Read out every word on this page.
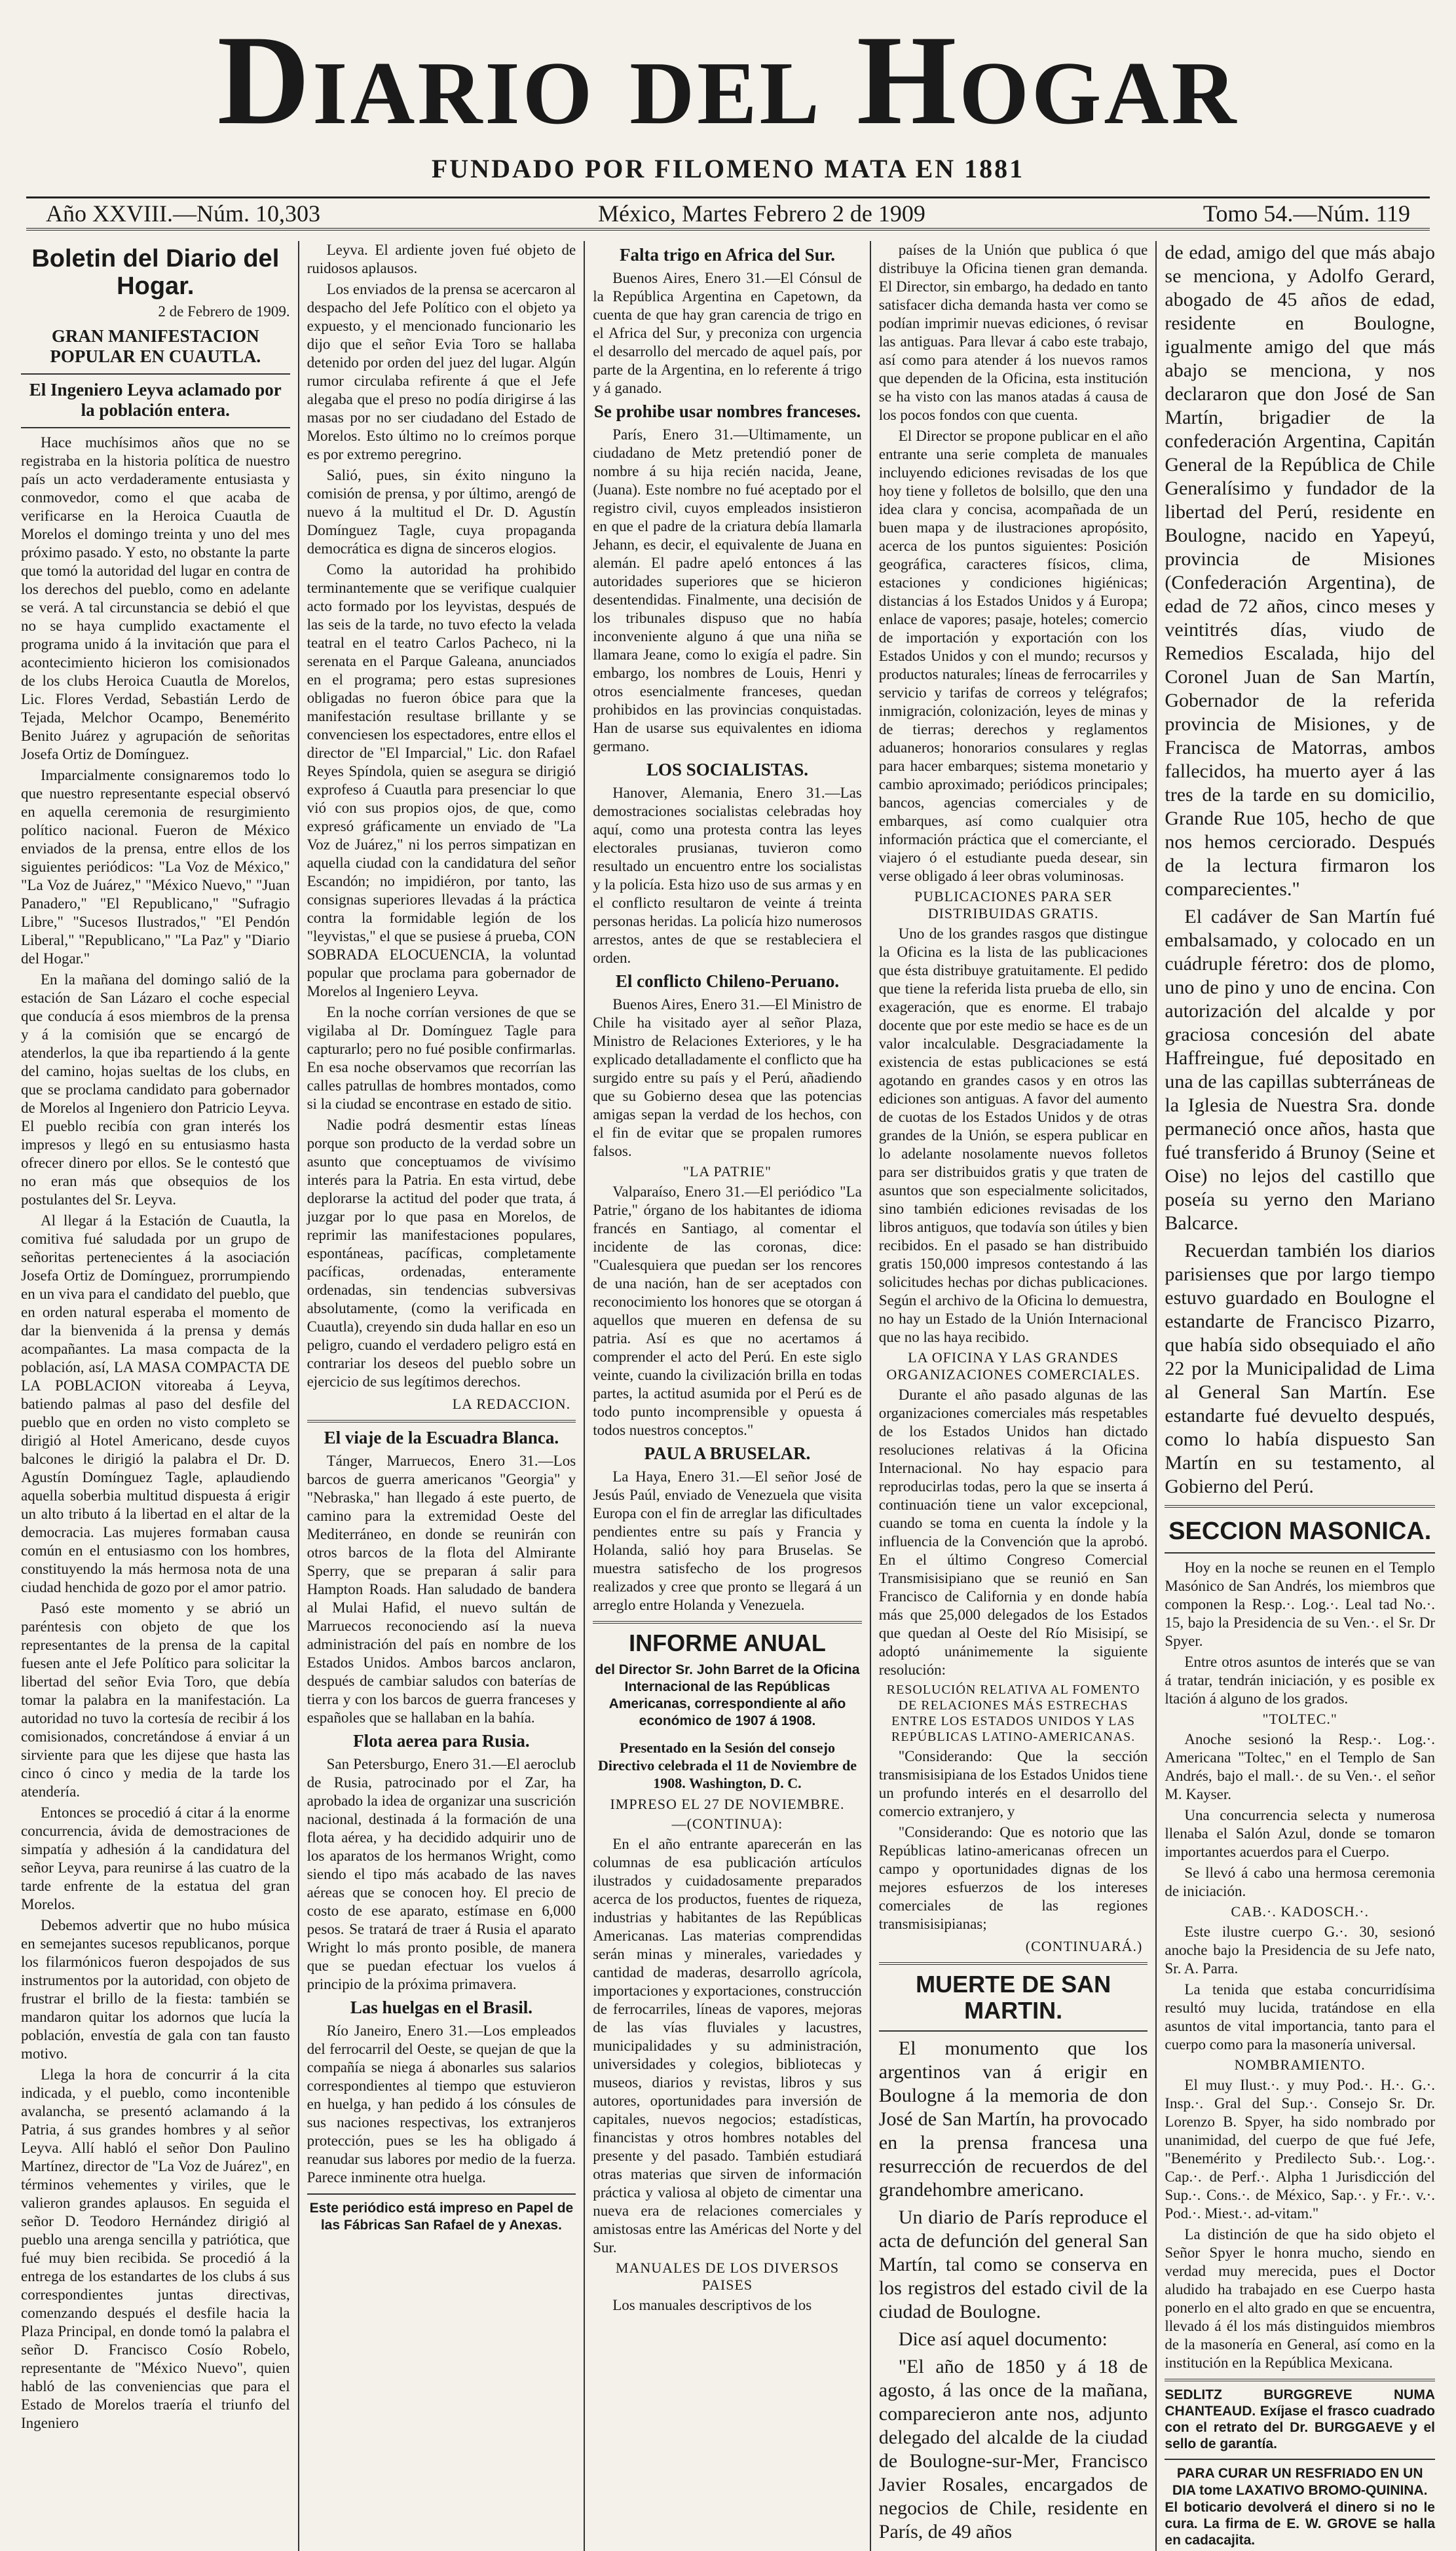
Diario del Hogar
FUNDADO POR FILOMENO MATA EN 1881
Año XXVIII.—Núm. 10,303	México, Martes Febrero 2 de 1909	Tomo 54.—Núm. 119
Boletin del Diario del Hogar.
2 de Febrero de 1909.
GRAN MANIFESTACION POPULAR EN CUAUTLA.
El Ingeniero Leyva aclamado por la población entera.

Hace muchísimos años que no se registraba en la historia política de nuestro país un acto verdaderamente entusiasta y conmovedor, como el que acaba de verificarse en la Heroica Cuautla de Morelos el domingo treinta y uno del mes próximo pasado. Y esto, no obstante la parte que tomó la autoridad del lugar en contra de los derechos del pueblo, como en adelante se verá. A tal circunstancia se debió el que no se haya cumplido exactamente el programa unido á la invitación que para el acontecimiento hicieron los comisionados de los clubs Heroica Cuautla de Morelos, Lic. Flores Verdad, Sebastián Lerdo de Tejada, Melchor Ocampo, Benemérito Benito Juárez y agrupación de señoritas Josefa Ortiz de Domínguez.

Imparcialmente consignaremos todo lo que nuestro representante especial observó en aquella ceremonia de resurgimiento político nacional. Fueron de México enviados de la prensa, entre ellos de los siguientes periódicos: "La Voz de México," "La Voz de Juárez," "México Nuevo," "Juan Panadero," "El Republicano," "Sufragio Libre," "Sucesos Ilustrados," "El Pendón Liberal," "Republicano," "La Paz" y "Diario del Hogar."

En la mañana del domingo salió de la estación de San Lázaro el coche especial que conducía á esos miembros de la prensa y á la comisión que se encargó de atenderlos, la que iba repartiendo á la gente del camino, hojas sueltas de los clubs, en que se proclama candidato para gobernador de Morelos al Ingeniero don Patricio Leyva. El pueblo recibía con gran interés los impresos y llegó en su entusiasmo hasta ofrecer dinero por ellos. Se le contestó que no eran más que obsequios de los postulantes del Sr. Leyva.

Al llegar á la Estación de Cuautla, la comitiva fué saludada por un grupo de señoritas pertenecientes á la asociación Josefa Ortiz de Domínguez, prorrumpiendo en un viva para el candidato del pueblo, que en orden natural esperaba el momento de dar la bienvenida á la prensa y demás acompañantes. La masa compacta de la población, así, LA MASA COMPACTA DE LA POBLACION vitoreaba á Leyva, batiendo palmas al paso del desfile del pueblo que en orden no visto completo se dirigió al Hotel Americano, desde cuyos balcones le dirigió la palabra el Dr. D. Agustín Domínguez Tagle, aplaudiendo aquella soberbia multitud dispuesta á erigir un alto tributo á la libertad en el altar de la democracia. Las mujeres formaban causa común en el entusiasmo con los hombres, constituyendo la más hermosa nota de una ciudad henchida de gozo por el amor patrio.

Pasó este momento y se abrió un paréntesis con objeto de que los representantes de la prensa de la capital fuesen ante el Jefe Político para solicitar la libertad del señor Evia Toro, que debía tomar la palabra en la manifestación. La autoridad no tuvo la cortesía de recibir á los comisionados, concretándose á enviar á un sirviente para que les dijese que hasta las cinco ó cinco y media de la tarde los atendería.

Entonces se procedió á citar á la enorme concurrencia, ávida de demostraciones de simpatía y adhesión á la candidatura del señor Leyva, para reunirse á las cuatro de la tarde enfrente de la estatua del gran Morelos.

Debemos advertir que no hubo música en semejantes sucesos republicanos, porque los filarmónicos fueron despojados de sus instrumentos por la autoridad, con objeto de frustrar el brillo de la fiesta: también se mandaron quitar los adornos que lucía la población, envestía de gala con tan fausto motivo.

Llega la hora de concurrir á la cita indicada, y el pueblo, como incontenible avalancha, se presentó aclamando á la Patria, á sus grandes hombres y al señor Leyva. Allí habló el señor Don Paulino Martínez, director de "La Voz de Juárez", en términos vehementes y viriles, que le valieron grandes aplausos. En seguida el señor D. Teodoro Hernández dirigió al pueblo una arenga sencilla y patriótica, que fué muy bien recibida. Se procedió á la entrega de los estandartes de los clubs á sus correspondientes juntas directivas, comenzando después el desfile hacia la Plaza Principal, en donde tomó la palabra el señor D. Francisco Cosío Robelo, representante de "México Nuevo", quien habló de las conveniencias que para el Estado de Morelos traería el triunfo del Ingeniero

Leyva. El ardiente joven fué objeto de ruidosos aplausos.

Los enviados de la prensa se acercaron al despacho del Jefe Político con el objeto ya expuesto, y el mencionado funcionario les dijo que el señor Evia Toro se hallaba detenido por orden del juez del lugar. Algún rumor circulaba refirente á que el Jefe alegaba que el preso no podía dirigirse á las masas por no ser ciudadano del Estado de Morelos. Esto último no lo creímos porque es por extremo peregrino.

Salió, pues, sin éxito ninguno la comisión de prensa, y por último, arengó de nuevo á la multitud el Dr. D. Agustín Domínguez Tagle, cuya propaganda democrática es digna de sinceros elogios.

Como la autoridad ha prohibido terminantemente que se verifique cualquier acto formado por los leyvistas, después de las seis de la tarde, no tuvo efecto la velada teatral en el teatro Carlos Pacheco, ni la serenata en el Parque Galeana, anunciados en el programa; pero estas supresiones obligadas no fueron óbice para que la manifestación resultase brillante y se convenciesen los espectadores, entre ellos el director de "El Imparcial," Lic. don Rafael Reyes Spíndola, quien se asegura se dirigió exprofeso á Cuautla para presenciar lo que vió con sus propios ojos, de que, como expresó gráficamente un enviado de "La Voz de Juárez," ni los perros simpatizan en aquella ciudad con la candidatura del señor Escandón; no impidiéron, por tanto, las consignas superiores llevadas á la práctica contra la formidable legión de los "leyvistas," el que se pusiese á prueba, CON SOBRADA ELOCUENCIA, la voluntad popular que proclama para gobernador de Morelos al Ingeniero Leyva.

En la noche corrían versiones de que se vigilaba al Dr. Domínguez Tagle para capturarlo; pero no fué posible confirmarlas. En esa noche observamos que recorrían las calles patrullas de hombres montados, como si la ciudad se encontrase en estado de sitio.

Nadie podrá desmentir estas líneas porque son producto de la verdad sobre un asunto que conceptuamos de vivísimo interés para la Patria. En esta virtud, debe deplorarse la actitud del poder que trata, á juzgar por lo que pasa en Morelos, de reprimir las manifestaciones populares, espontáneas, pacíficas, completamente pacíficas, ordenadas, enteramente ordenadas, sin tendencias subversivas absolutamente, (como la verificada en Cuautla), creyendo sin duda hallar en eso un peligro, cuando el verdadero peligro está en contrariar los deseos del pueblo sobre un ejercicio de sus legítimos derechos.

LA REDACCION.
El viaje de la Escuadra Blanca.

Tánger, Marruecos, Enero 31.—Los barcos de guerra americanos "Georgia" y "Nebraska," han llegado á este puerto, de camino para la extremidad Oeste del Mediterráneo, en donde se reunirán con otros barcos de la flota del Almirante Sperry, que se preparan á salir para Hampton Roads. Han saludado de bandera al Mulai Hafid, el nuevo sultán de Marruecos reconociendo así la nueva administración del país en nombre de los Estados Unidos. Ambos barcos anclaron, después de cambiar saludos con baterías de tierra y con los barcos de guerra franceses y españoles que se hallaban en la bahía.

Flota aerea para Rusia.

San Petersburgo, Enero 31.—El aeroclub de Rusia, patrocinado por el Zar, ha aprobado la idea de organizar una suscrición nacional, destinada á la formación de una flota aérea, y ha decidido adquirir uno de los aparatos de los hermanos Wright, como siendo el tipo más acabado de las naves aéreas que se conocen hoy. El precio de costo de ese aparato, estímase en 6,000 pesos. Se tratará de traer á Rusia el aparato Wright lo más pronto posible, de manera que se puedan efectuar los vuelos á principio de la próxima primavera.

Las huelgas en el Brasil.

Río Janeiro, Enero 31.—Los empleados del ferrocarril del Oeste, se quejan de que la compañía se niega á abonarles sus salarios correspondientes al tiempo que estuvieron en huelga, y han pedido á los cónsules de sus naciones respectivas, los extranjeros protección, pues se les ha obligado á reanudar sus labores por medio de la fuerza. Parece inminente otra huelga.

Este periódico está impreso en Papel de las Fábricas San Rafael de y Anexas.
Falta trigo en Africa del Sur.

Buenos Aires, Enero 31.—El Cónsul de la República Argentina en Capetown, da cuenta de que hay gran carencia de trigo en el Africa del Sur, y preconiza con urgencia el desarrollo del mercado de aquel país, por parte de la Argentina, en lo referente á trigo y á ganado.

Se prohibe usar nombres franceses.

París, Enero 31.—Ultimamente, un ciudadano de Metz pretendió poner de nombre á su hija recién nacida, Jeane, (Juana). Este nombre no fué aceptado por el registro civil, cuyos empleados insistieron en que el padre de la criatura debía llamarla Jehann, es decir, el equivalente de Juana en alemán. El padre apeló entonces á las autoridades superiores que se hicieron desentendidas. Finalmente, una decisión de los tribunales dispuso que no había inconveniente alguno á que una niña se llamara Jeane, como lo exigía el padre. Sin embargo, los nombres de Louis, Henri y otros esencialmente franceses, quedan prohibidos en las provincias conquistadas. Han de usarse sus equivalentes en idioma germano.

LOS SOCIALISTAS.

Hanover, Alemania, Enero 31.—Las demostraciones socialistas celebradas hoy aquí, como una protesta contra las leyes electorales prusianas, tuvieron como resultado un encuentro entre los socialistas y la policía. Esta hizo uso de sus armas y en el conflicto resultaron de veinte á treinta personas heridas. La policía hizo numerosos arrestos, antes de que se restableciera el orden.

El conflicto Chileno-Peruano.

Buenos Aires, Enero 31.—El Ministro de Chile ha visitado ayer al señor Plaza, Ministro de Relaciones Exteriores, y le ha explicado detalladamente el conflicto que ha surgido entre su país y el Perú, añadiendo que su Gobierno desea que las potencias amigas sepan la verdad de los hechos, con el fin de evitar que se propalen rumores falsos.

"LA PATRIE"

Valparaíso, Enero 31.—El periódico "La Patrie," órgano de los habitantes de idioma francés en Santiago, al comentar el incidente de las coronas, dice: "Cualesquiera que puedan ser los rencores de una nación, han de ser aceptados con reconocimiento los honores que se otorgan á aquellos que mueren en defensa de su patria. Así es que no acertamos á comprender el acto del Perú. En este siglo veinte, cuando la civilización brilla en todas partes, la actitud asumida por el Perú es de todo punto incomprensible y opuesta á todos nuestros conceptos."

PAUL A BRUSELAR.

La Haya, Enero 31.—El señor José de Jesús Paúl, enviado de Venezuela que visita Europa con el fin de arreglar las dificultades pendientes entre su país y Francia y Holanda, salió hoy para Bruselas. Se muestra satisfecho de los progresos realizados y cree que pronto se llegará á un arreglo entre Holanda y Venezuela.

INFORME ANUAL
del Director Sr. John Barret de la Oficina Internacional de las Repúblicas Americanas, correspondiente al año económico de 1907 á 1908.
Presentado en la Sesión del consejo Directivo celebrada el 11 de Noviembre de 1908. Washington, D. C.
IMPRESO EL 27 DE NOVIEMBRE.
—(CONTINUA):

En el año entrante aparecerán en las columnas de esa publicación artículos ilustrados y cuidadosamente preparados acerca de los productos, fuentes de riqueza, industrias y habitantes de las Repúblicas Americanas. Las materias comprendidas serán minas y minerales, variedades y cantidad de maderas, desarrollo agrícola, importaciones y exportaciones, construcción de ferrocarriles, líneas de vapores, mejoras de las vías fluviales y lacustres, municipalidades y su administración, universidades y colegios, bibliotecas y museos, diarios y revistas, libros y sus autores, oportunidades para inversión de capitales, nuevos negocios; estadísticas, financistas y otros hombres notables del presente y del pasado. También estudiará otras materias que sirven de información práctica y valiosa al objeto de cimentar una nueva era de relaciones comerciales y amistosas entre las Américas del Norte y del Sur.

MANUALES DE LOS DIVERSOS PAISES

Los manuales descriptivos de los

países de la Unión que publica ó que distribuye la Oficina tienen gran demanda. El Director, sin embargo, ha dedado en tanto satisfacer dicha demanda hasta ver como se podían imprimir nuevas ediciones, ó revisar las antiguas. Para llevar á cabo este trabajo, así como para atender á los nuevos ramos que dependen de la Oficina, esta institución se ha visto con las manos atadas á causa de los pocos fondos con que cuenta.

El Director se propone publicar en el año entrante una serie completa de manuales incluyendo ediciones revisadas de los que hoy tiene y folletos de bolsillo, que den una idea clara y concisa, acompañada de un buen mapa y de ilustraciones apropósito, acerca de los puntos siguientes: Posición geográfica, caracteres físicos, clima, estaciones y condiciones higiénicas; distancias á los Estados Unidos y á Europa; enlace de vapores; pasaje, hoteles; comercio de importación y exportación con los Estados Unidos y con el mundo; recursos y productos naturales; líneas de ferrocarriles y servicio y tarifas de correos y telégrafos; inmigración, colonización, leyes de minas y de tierras; derechos y reglamentos aduaneros; honorarios consulares y reglas para hacer embarques; sistema monetario y cambio aproximado; periódicos principales; bancos, agencias comerciales y de embarques, así como cualquier otra información práctica que el comerciante, el viajero ó el estudiante pueda desear, sin verse obligado á leer obras voluminosas.

PUBLICACIONES PARA SER DISTRIBUIDAS GRATIS.

Uno de los grandes rasgos que distingue la Oficina es la lista de las publicaciones que ésta distribuye gratuitamente. El pedido que tiene la referida lista prueba de ello, sin exageración, que es enorme. El trabajo docente que por este medio se hace es de un valor incalculable. Desgraciadamente la existencia de estas publicaciones se está agotando en grandes casos y en otros las ediciones son antiguas. A favor del aumento de cuotas de los Estados Unidos y de otras grandes de la Unión, se espera publicar en lo adelante nosolamente nuevos folletos para ser distribuidos gratis y que traten de asuntos que son especialmente solicitados, sino también ediciones revisadas de los libros antiguos, que todavía son útiles y bien recibidos. En el pasado se han distribuido gratis 150,000 impresos contestando á las solicitudes hechas por dichas publicaciones. Según el archivo de la Oficina lo demuestra, no hay un Estado de la Unión Internacional que no las haya recibido.

LA OFICINA Y LAS GRANDES ORGANIZACIONES COMERCIALES.

Durante el año pasado algunas de las organizaciones comerciales más respetables de los Estados Unidos han dictado resoluciones relativas á la Oficina Internacional. No hay espacio para reproducirlas todas, pero la que se inserta á continuación tiene un valor excepcional, cuando se toma en cuenta la índole y la influencia de la Convención que la aprobó. En el último Congreso Comercial Transmisisipiano que se reunió en San Francisco de California y en donde había más que 25,000 delegados de los Estados que quedan al Oeste del Río Misisipí, se adoptó unánimemente la siguiente resolución:

RESOLUCIÓN RELATIVA AL FOMENTO DE RELACIONES MÁS ESTRECHAS ENTRE LOS ESTADOS UNIDOS Y LAS REPÚBLICAS LATINO-AMERICANAS.

"Considerando: Que la sección transmisisipiana de los Estados Unidos tiene un profundo interés en el desarrollo del comercio extranjero, y

"Considerando: Que es notorio que las Repúblicas latino-americanas ofrecen un campo y oportunidades dignas de los mejores esfuerzos de los intereses comerciales de las regiones transmisisipianas;

(CONTINUARÁ.)
MUERTE DE SAN MARTIN.

El monumento que los argentinos van á erigir en Boulogne á la memoria de don José de San Martín, ha provocado en la prensa francesa una resurrección de recuerdos de del grandehombre americano.

Un diario de París reproduce el acta de defunción del general San Martín, tal como se conserva en los registros del estado civil de la ciudad de Boulogne.

Dice así aquel documento:

"El año de 1850 y á 18 de agosto, á las once de la mañana, comparecieron ante nos, adjunto delegado del alcalde de la ciudad de Boulogne-sur-Mer, Francisco Javier Rosales, encargados de negocios de Chile, residente en París, de 49 años

de edad, amigo del que más abajo se menciona, y Adolfo Gerard, abogado de 45 años de edad, residente en Boulogne, igualmente amigo del que más abajo se menciona, y nos declararon que don José de San Martín, brigadier de la confederación Argentina, Capitán General de la República de Chile Generalísimo y fundador de la libertad del Perú, residente en Boulogne, nacido en Yapeyú, provincia de Misiones (Confederación Argentina), de edad de 72 años, cinco meses y veintitrés días, viudo de Remedios Escalada, hijo del Coronel Juan de San Martín, Gobernador de la referida provincia de Misiones, y de Francisca de Matorras, ambos fallecidos, ha muerto ayer á las tres de la tarde en su domicilio, Grande Rue 105, hecho de que nos hemos cerciorado. Después de la lectura firmaron los comparecientes."

El cadáver de San Martín fué embalsamado, y colocado en un cuádruple féretro: dos de plomo, uno de pino y uno de encina. Con autorización del alcalde y por graciosa concesión del abate Haffreingue, fué depositado en una de las capillas subterráneas de la Iglesia de Nuestra Sra. donde permaneció once años, hasta que fué transferido á Brunoy (Seine et Oise) no lejos del castillo que poseía su yerno den Mariano Balcarce.

Recuerdan también los diarios parisienses que por largo tiempo estuvo guardado en Boulogne el estandarte de Francisco Pizarro, que había sido obsequiado el año 22 por la Municipalidad de Lima al General San Martín. Ese estandarte fué devuelto después, como lo había dispuesto San Martín en su testamento, al Gobierno del Perú.

SECCION MASONICA.

Hoy en la noche se reunen en el Templo Masónico de San Andrés, los miembros que componen la Resp.·. Log.·. Leal tad No.·. 15, bajo la Presidencia de su Ven.·. el Sr. Dr Spyer.

Entre otros asuntos de interés que se van á tratar, tendrán iniciación, y es posible ex ltación á alguno de los grados.

"TOLTEC."

Anoche sesionó la Resp.·. Log.·. Americana "Toltec," en el Templo de San Andrés, bajo el mall.·. de su Ven.·. el señor M. Kayser.

Una concurrencia selecta y numerosa llenaba el Salón Azul, donde se tomaron importantes acuerdos para el Cuerpo.

Se llevó á cabo una hermosa ceremonia de iniciación.

CAB.·. KADOSCH.·.

Este ilustre cuerpo G.·. 30, sesionó anoche bajo la Presidencia de su Jefe nato, Sr. A. Parra.

La tenida que estaba concurridísima resultó muy lucida, tratándose en ella asuntos de vital importancia, tanto para el cuerpo como para la masonería universal.

NOMBRAMIENTO.

El muy Ilust.·. y muy Pod.·. H.·. G.·. Insp.·. Gral del Sup.·. Consejo Sr. Dr. Lorenzo B. Spyer, ha sido nombrado por unanimidad, del cuerpo de que fué Jefe, "Benemérito y Predilecto Sub.·. Log.·. Cap.·. de Perf.·. Alpha 1 Jurisdicción del Sup.·. Cons.·. de México, Sap.·. y Fr.·. v.·. Pod.·. Miest.·. ad-vitam."

La distinción de que ha sido objeto el Señor Spyer le honra mucho, siendo en verdad muy merecida, pues el Doctor aludido ha trabajado en ese Cuerpo hasta ponerlo en el alto grado en que se encuentra, llevado á él los más distinguidos miembros de la masonería en General, así como en la institución en la República Mexicana.

SEDLITZ BURGGREVE NUMA CHANTEAUD. Exíjase el frasco cuadrado con el retrato del Dr. BURGGAEVE y el sello de garantía.

PARA CURAR UN RESFRIADO EN UN DIA tome LAXATIVO BROMO-QUININA.

El boticario devolverá el dinero si no le cura. La firma de E. W. GROVE se halla en cadacajita.
